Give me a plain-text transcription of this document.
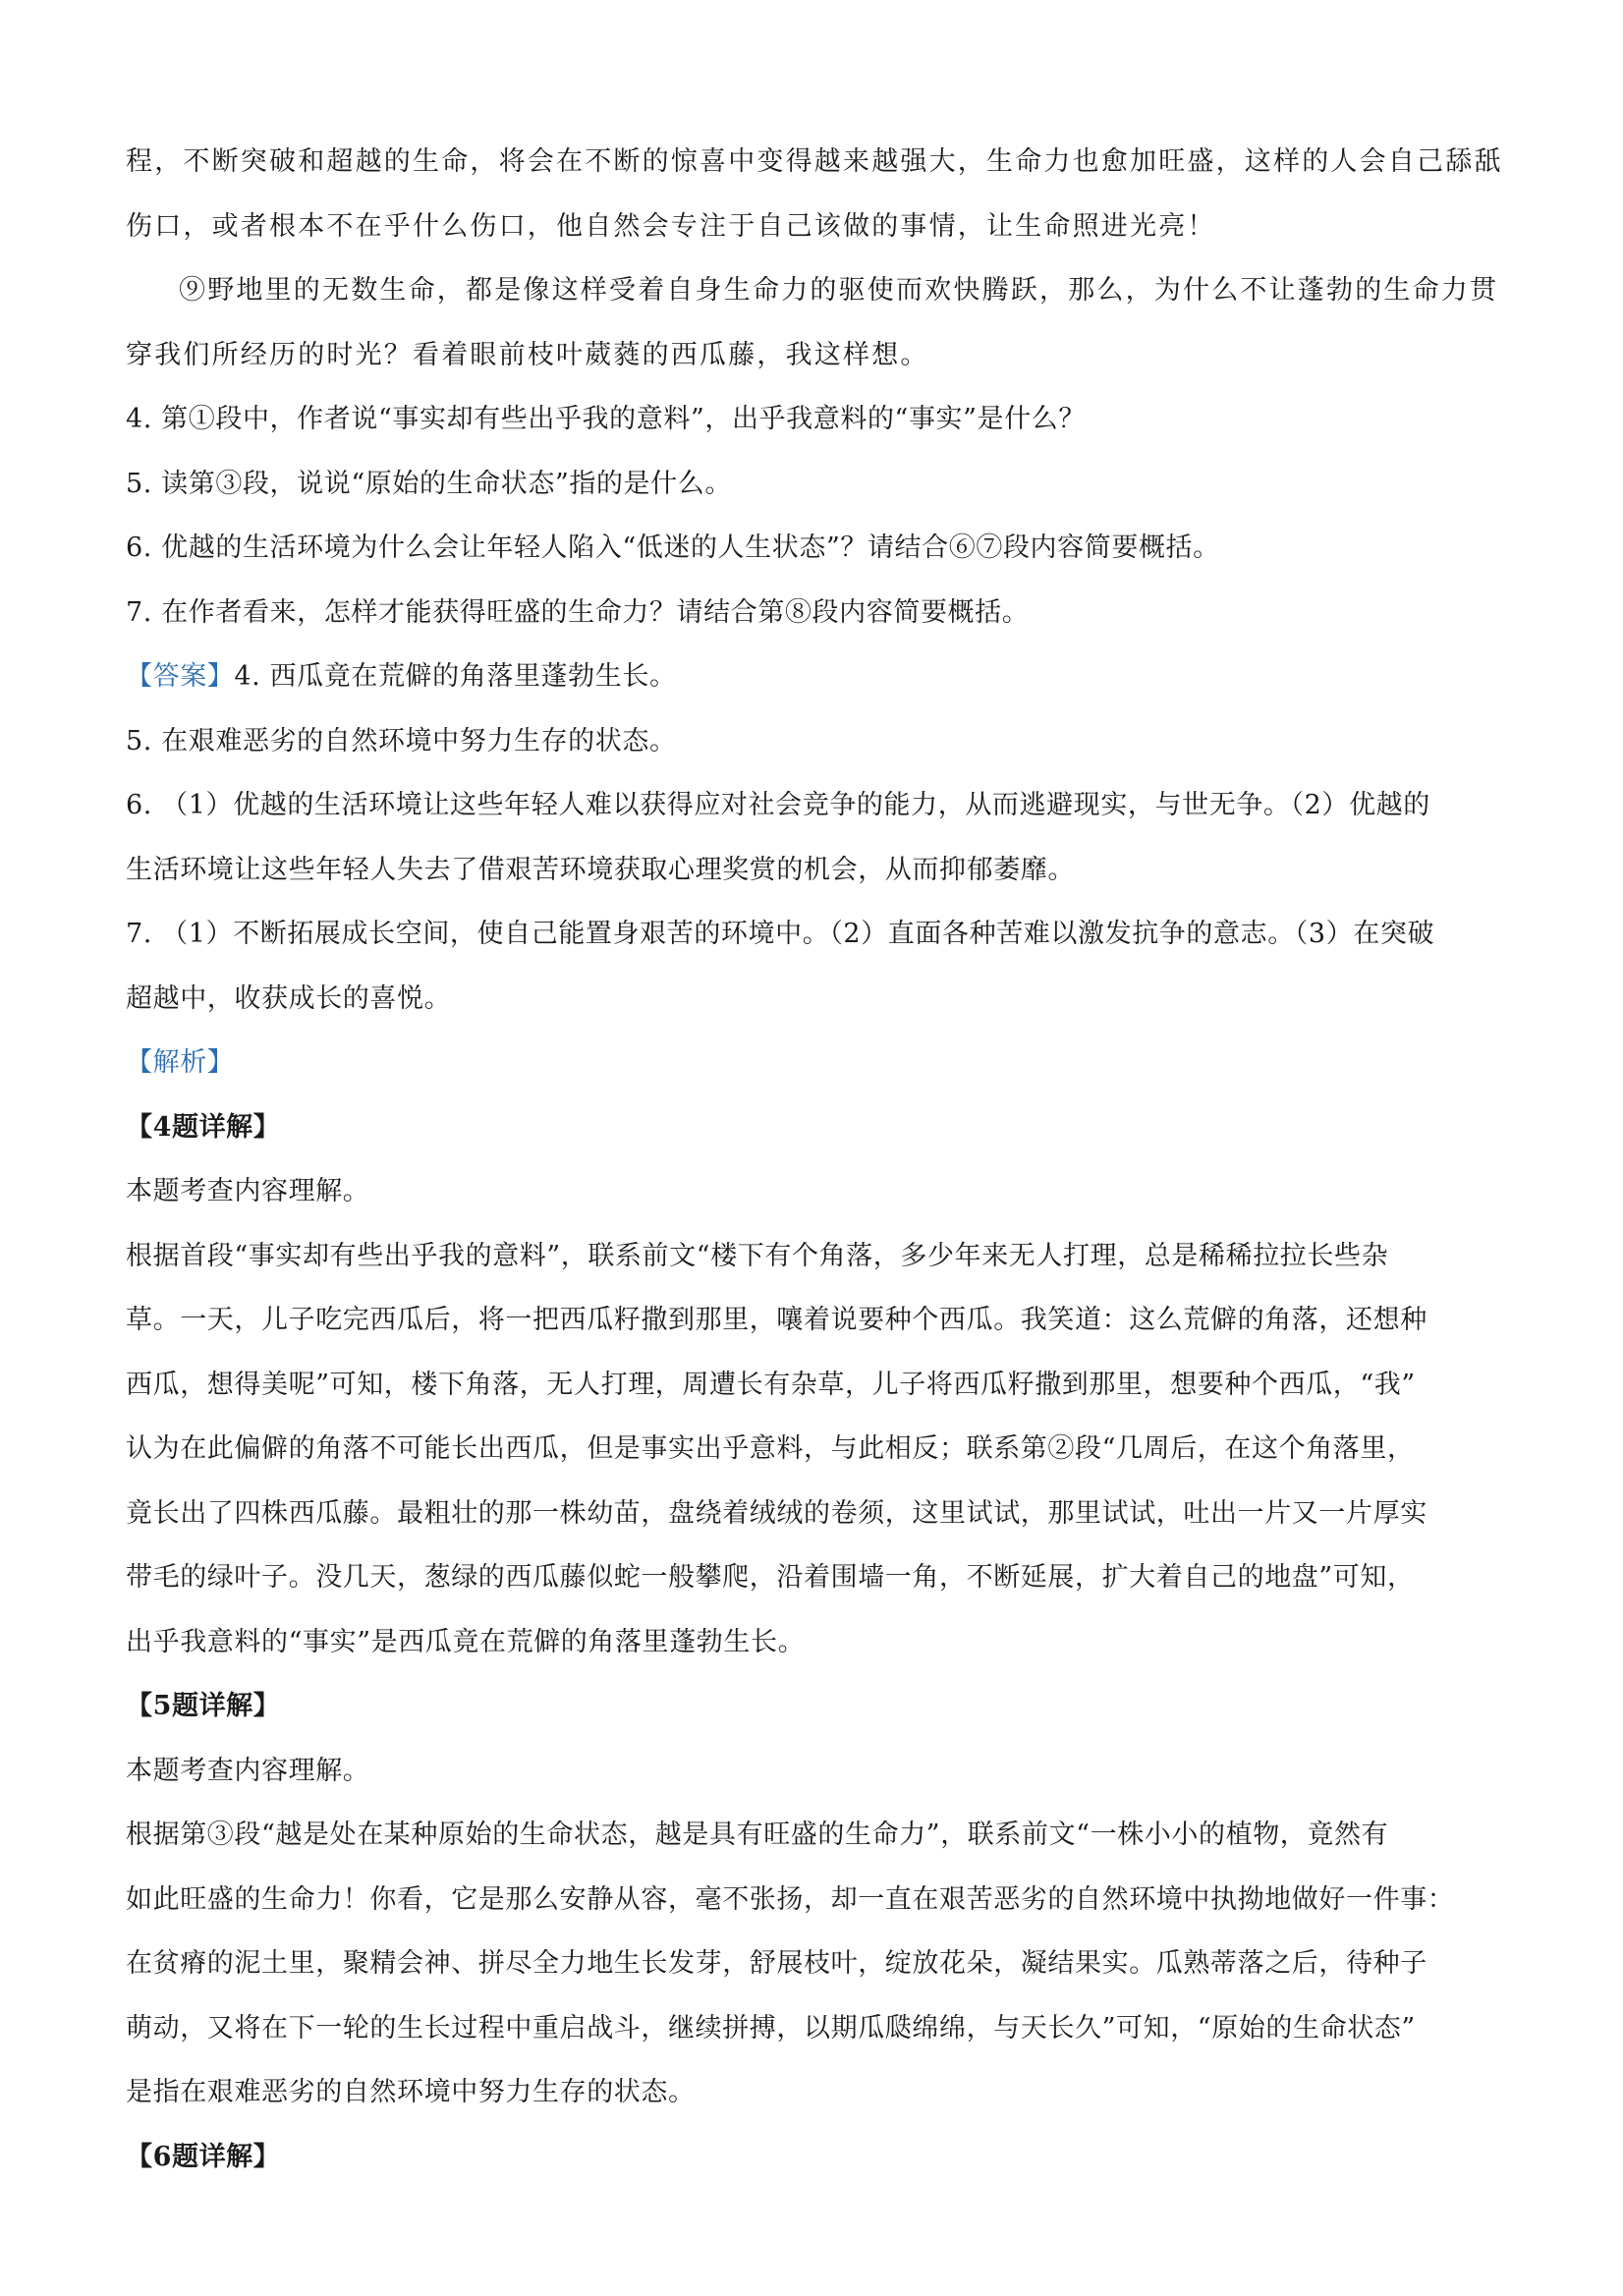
程，不断突破和超越的生命，将会在不断的惊喜中变得越来越强大，生命力也愈加旺盛，这样的人会自己舔舐
伤口，或者根本不在乎什么伤口，他自然会专注于自己该做的事情，让生命照进光亮！
⑨野地里的无数生命，都是像这样受着自身生命力的驱使而欢快腾跃，那么，为什么不让蓬勃的生命力贯
穿我们所经历的时光？看着眼前枝叶葳蕤的西瓜藤，我这样想。
4. 第①段中，作者说“事实却有些出乎我的意料”，出乎我意料的“事实”是什么？
5. 读第③段，说说“原始的生命状态”指的是什么。
6. 优越的生活环境为什么会让年轻人陷入“低迷的人生状态”？请结合⑥⑦段内容简要概括。
7. 在作者看来，怎样才能获得旺盛的生命力？请结合第⑧段内容简要概括。
【答案】4. 西瓜竟在荒僻的角落里蓬勃生长。
5. 在艰难恶劣的自然环境中努力生存的状态。
6. （1）优越的生活环境让这些年轻人难以获得应对社会竞争的能力，从而逃避现实，与世无争。（2）优越的
生活环境让这些年轻人失去了借艰苦环境获取心理奖赏的机会，从而抑郁萎靡。
7. （1）不断拓展成长空间，使自己能置身艰苦的环境中。（2）直面各种苦难以激发抗争的意志。（3）在突破
超越中，收获成长的喜悦。
【解析】
【4题详解】
本题考查内容理解。
根据首段“事实却有些出乎我的意料”，联系前文“楼下有个角落，多少年来无人打理，总是稀稀拉拉长些杂
草。一天，儿子吃完西瓜后，将一把西瓜籽撒到那里，嚷着说要种个西瓜。我笑道：这么荒僻的角落，还想种
西瓜，想得美呢”可知，楼下角落，无人打理，周遭长有杂草，儿子将西瓜籽撒到那里，想要种个西瓜，“我”
认为在此偏僻的角落不可能长出西瓜，但是事实出乎意料，与此相反；联系第②段“几周后，在这个角落里，
竟长出了四株西瓜藤。最粗壮的那一株幼苗，盘绕着绒绒的卷须，这里试试，那里试试，吐出一片又一片厚实
带毛的绿叶子。没几天，葱绿的西瓜藤似蛇一般攀爬，沿着围墙一角，不断延展，扩大着自己的地盘”可知，
出乎我意料的“事实”是西瓜竟在荒僻的角落里蓬勃生长。
【5题详解】
本题考查内容理解。
根据第③段“越是处在某种原始的生命状态，越是具有旺盛的生命力”，联系前文“一株小小的植物，竟然有
如此旺盛的生命力！你看，它是那么安静从容，毫不张扬，却一直在艰苦恶劣的自然环境中执拗地做好一件事：
在贫瘠的泥土里，聚精会神、拼尽全力地生长发芽，舒展枝叶，绽放花朵，凝结果实。瓜熟蒂落之后，待种子
萌动，又将在下一轮的生长过程中重启战斗，继续拼搏，以期瓜瓞绵绵，与天长久”可知，“原始的生命状态”
是指在艰难恶劣的自然环境中努力生存的状态。
【6题详解】
